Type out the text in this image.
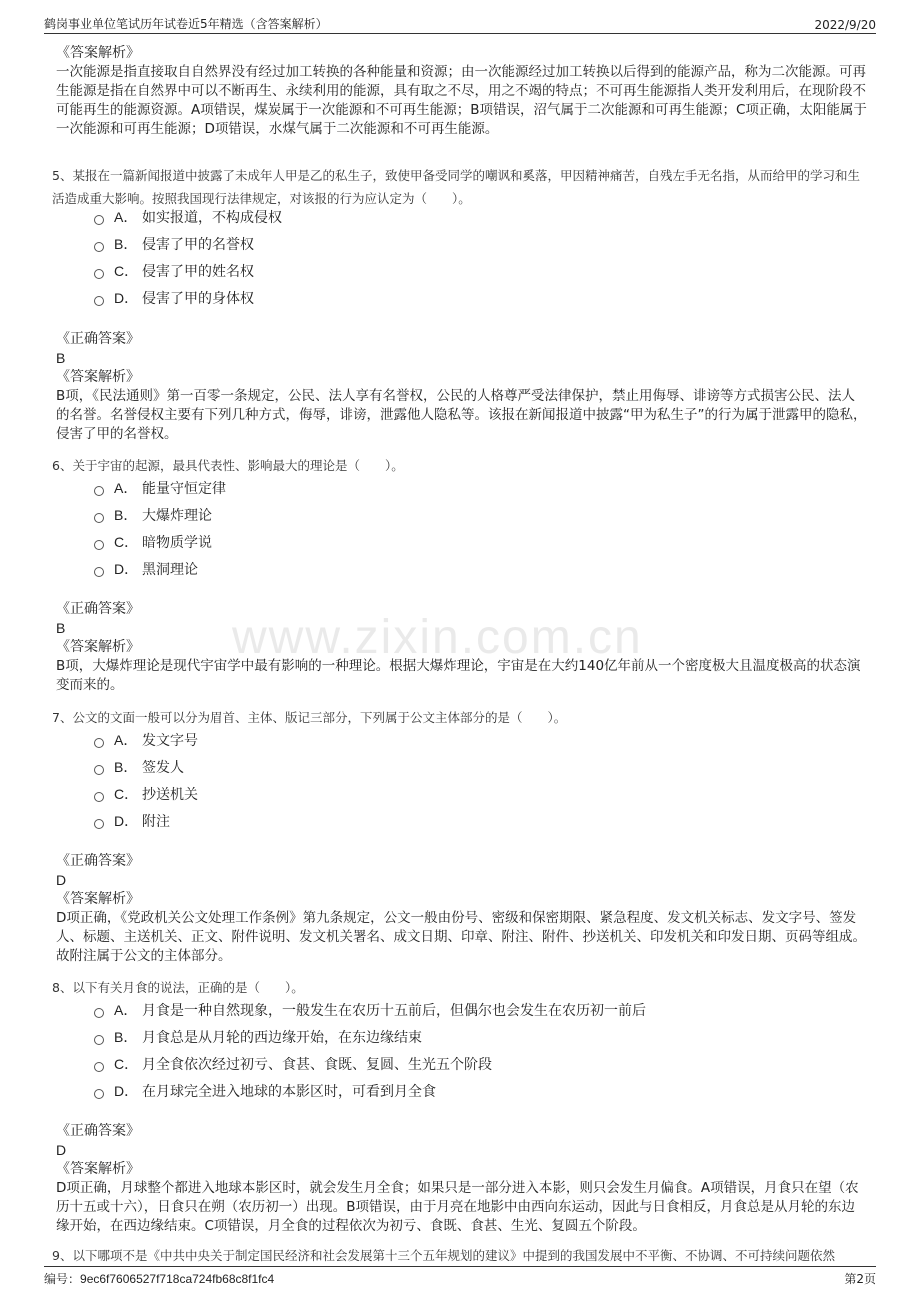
鹤岗事业单位笔试历年试卷近5年精选（含答案解析）	2022/9/20
www.zixin.com.cn
《答案解析》
一次能源是指直接取自自然界没有经过加工转换的各种能量和资源；由一次能源经过加工转换以后得到的能源产品，称为二次能源。可再生能源是指在自然界中可以不断再生、永续利用的能源，具有取之不尽，用之不竭的特点；不可再生能源指人类开发利用后，在现阶段不可能再生的能源资源。A项错误，煤炭属于一次能源和不可再生能源；B项错误，沼气属于二次能源和可再生能源；C项正确，太阳能属于一次能源和可再生能源；D项错误，水煤气属于二次能源和不可再生能源。
5、某报在一篇新闻报道中披露了未成年人甲是乙的私生子，致使甲备受同学的嘲讽和奚落，甲因精神痛苦，自残左手无名指，从而给甲的学习和生活造成重大影响。按照我国现行法律规定，对该报的行为应认定为（　　）。
A． 如实报道，不构成侵权
B． 侵害了甲的名誉权
C． 侵害了甲的姓名权
D． 侵害了甲的身体权
《正确答案》
B
《答案解析》
B项，《民法通则》第一百零一条规定，公民、法人享有名誉权，公民的人格尊严受法律保护，禁止用侮辱、诽谤等方式损害公民、法人的名誉。名誉侵权主要有下列几种方式，侮辱，诽谤，泄露他人隐私等。该报在新闻报道中披露“甲为私生子”的行为属于泄露甲的隐私，侵害了甲的名誉权。
6、关于宇宙的起源，最具代表性、影响最大的理论是（　　）。
A． 能量守恒定律
B． 大爆炸理论
C． 暗物质学说
D． 黑洞理论
《正确答案》
B
《答案解析》
B项，大爆炸理论是现代宇宙学中最有影响的一种理论。根据大爆炸理论，宇宙是在大约140亿年前从一个密度极大且温度极高的状态演变而来的。
7、公文的文面一般可以分为眉首、主体、版记三部分，下列属于公文主体部分的是（　　）。
A． 发文字号
B． 签发人
C． 抄送机关
D． 附注
《正确答案》
D
《答案解析》
D项正确，《党政机关公文处理工作条例》第九条规定，公文一般由份号、密级和保密期限、紧急程度、发文机关标志、发文字号、签发人、标题、主送机关、正文、附件说明、发文机关署名、成文日期、印章、附注、附件、抄送机关、印发机关和印发日期、页码等组成。故附注属于公文的主体部分。
8、以下有关月食的说法，正确的是（　　）。
A． 月食是一种自然现象，一般发生在农历十五前后，但偶尔也会发生在农历初一前后
B． 月食总是从月轮的西边缘开始，在东边缘结束
C． 月全食依次经过初亏、食甚、食既、复圆、生光五个阶段
D． 在月球完全进入地球的本影区时，可看到月全食
《正确答案》
D
《答案解析》
D项正确，月球整个都进入地球本影区时，就会发生月全食；如果只是一部分进入本影，则只会发生月偏食。A项错误，月食只在望（农历十五或十六），日食只在朔（农历初一）出现。B项错误，由于月亮在地影中由西向东运动，因此与日食相反，月食总是从月轮的东边缘开始，在西边缘结束。C项错误，月全食的过程依次为初亏、食既、食甚、生光、复圆五个阶段。
9、以下哪项不是《中共中央关于制定国民经济和社会发展第十三个五年规划的建议》中提到的我国发展中不平衡、不协调、不可持续问题依然
编号：9ec6f7606527f718ca724fb68c8f1fc4	第2页
